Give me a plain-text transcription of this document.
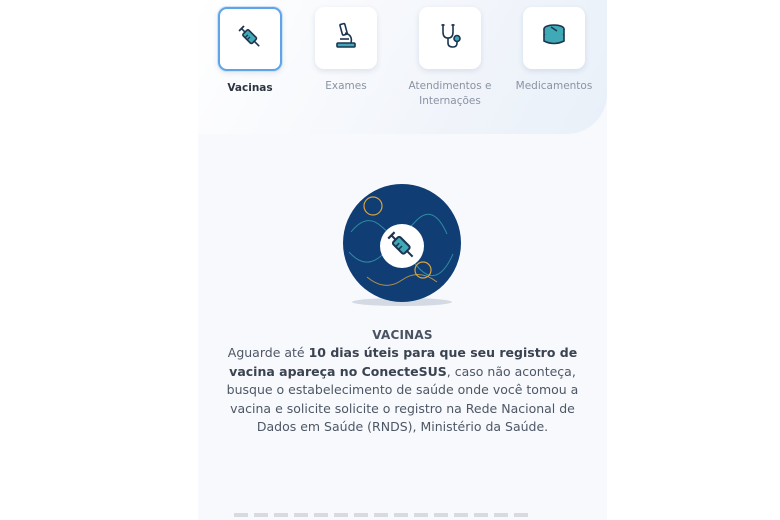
Vacinas	Exames	Atendimentos e Internações
Medicamentos
VACINAS
Aguarde até 10 dias úteis para que seu registro de vacina apareça no ConecteSUS, caso não aconteça, busque o estabelecimento de saúde onde você tomou a vacina e solicite solicite o registro na Rede Nacional de Dados em Saúde (RNDS), Ministério da Saúde.
